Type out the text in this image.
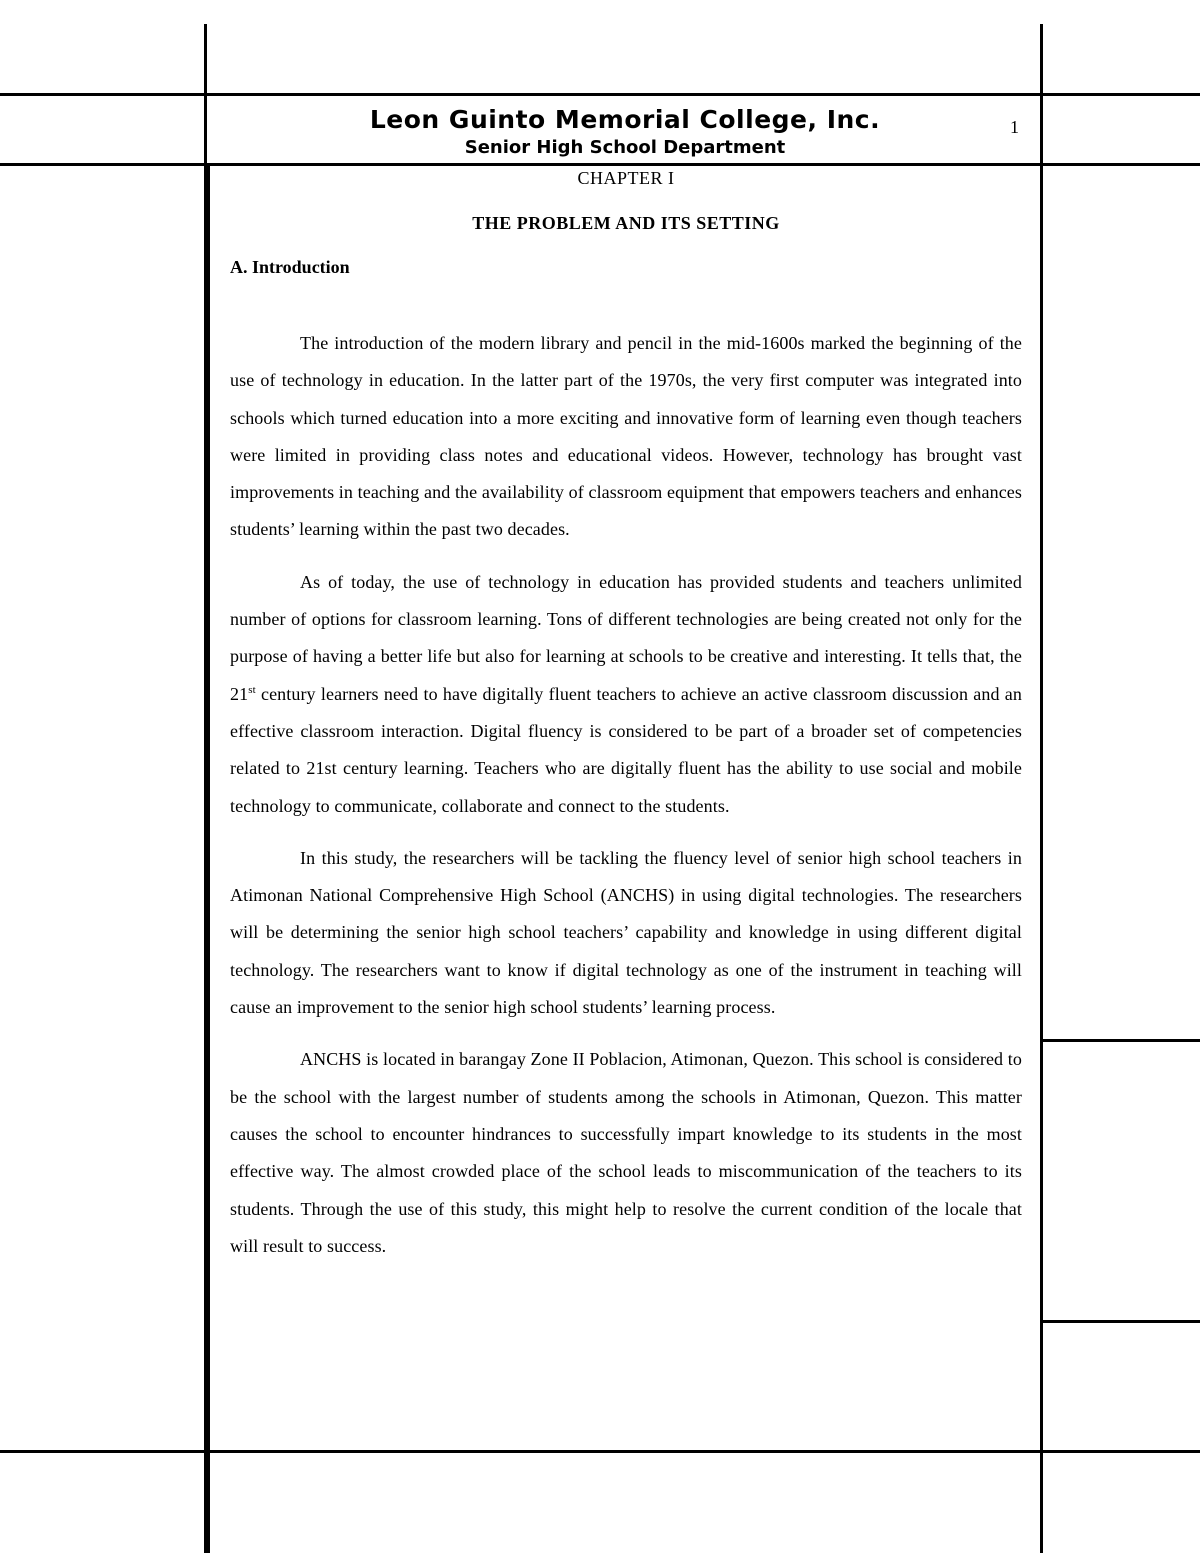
Leon Guinto Memorial College, Inc.
Senior High School Department
1
CHAPTER I
THE PROBLEM AND ITS SETTING
A. Introduction

The introduction of the modern library and pencil in the mid-1600s marked the beginning of the use of technology in education. In the latter part of the 1970s, the very first computer was integrated into schools which turned education into a more exciting and innovative form of learning even though teachers were limited in providing class notes and educational videos. However, technology has brought vast improvements in teaching and the availability of classroom equipment that empowers teachers and enhances students’ learning within the past two decades.

As of today, the use of technology in education has provided students and teachers unlimited number of options for classroom learning. Tons of different technologies are being created not only for the purpose of having a better life but also for learning at schools to be creative and interesting. It tells that, the 21st century learners need to have digitally fluent teachers to achieve an active classroom discussion and an effective classroom interaction. Digital fluency is considered to be part of a broader set of competencies related to 21st century learning. Teachers who are digitally fluent has the ability to use social and mobile technology to communicate, collaborate and connect to the students.

In this study, the researchers will be tackling the fluency level of senior high school teachers in Atimonan National Comprehensive High School (ANCHS) in using digital technologies. The researchers will be determining the senior high school teachers’ capability and knowledge in using different digital technology. The researchers want to know if digital technology as one of the instrument in teaching will cause an improvement to the senior high school students’ learning process.

ANCHS is located in barangay Zone II Poblacion, Atimonan, Quezon. This school is considered to be the school with the largest number of students among the schools in Atimonan, Quezon. This matter causes the school to encounter hindrances to successfully impart knowledge to its students in the most effective way. The almost crowded place of the school leads to miscommunication of the teachers to its students. Through the use of this study, this might help to resolve the current condition of the locale that will result to success.
